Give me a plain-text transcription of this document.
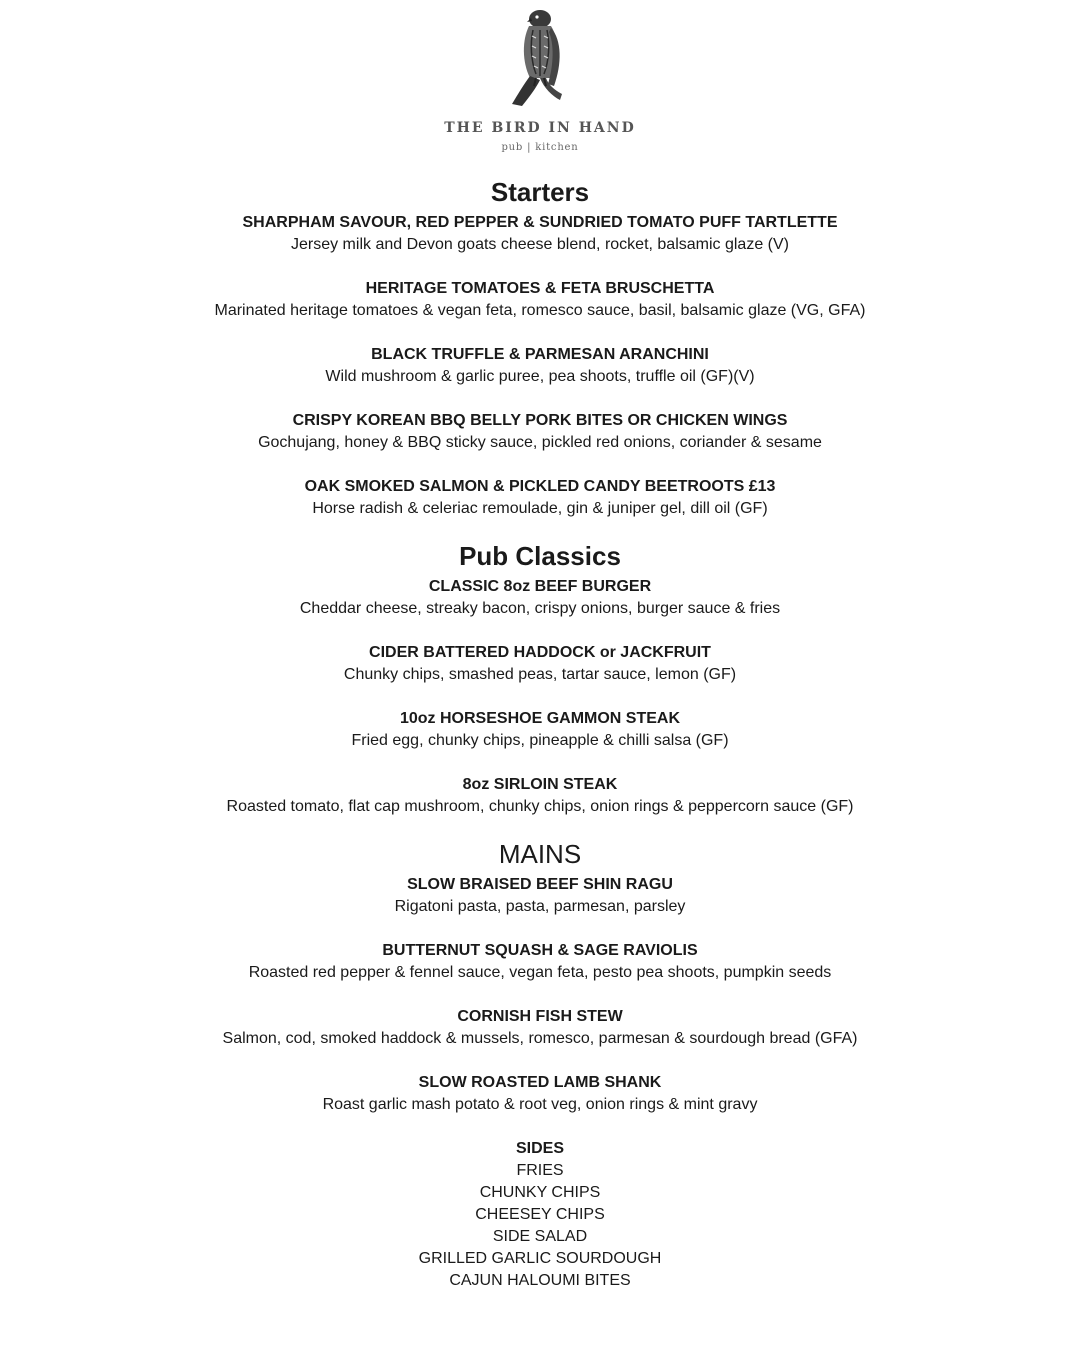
THE BIRD IN HAND
pub | kitchen
Starters
SHARPHAM SAVOUR, RED PEPPER & SUNDRIED TOMATO PUFF TARTLETTE
Jersey milk and Devon goats cheese blend, rocket, balsamic glaze (V)
HERITAGE TOMATOES & FETA BRUSCHETTA
Marinated heritage tomatoes & vegan feta, romesco sauce, basil, balsamic glaze (VG, GFA)
BLACK TRUFFLE & PARMESAN ARANCHINI
Wild mushroom & garlic puree, pea shoots, truffle oil (GF)(V)
CRISPY KOREAN BBQ BELLY PORK BITES OR CHICKEN WINGS
Gochujang, honey & BBQ sticky sauce, pickled red onions, coriander & sesame
OAK SMOKED SALMON & PICKLED CANDY BEETROOTS £13
Horse radish & celeriac remoulade, gin & juniper gel, dill oil (GF)
Pub Classics
CLASSIC 8oz BEEF BURGER
Cheddar cheese, streaky bacon, crispy onions, burger sauce & fries
CIDER BATTERED HADDOCK or JACKFRUIT
Chunky chips, smashed peas, tartar sauce, lemon (GF)
10oz HORSESHOE GAMMON STEAK
Fried egg, chunky chips, pineapple & chilli salsa (GF)
8oz SIRLOIN STEAK
Roasted tomato, flat cap mushroom, chunky chips, onion rings & peppercorn sauce (GF)
MAINS
SLOW BRAISED BEEF SHIN RAGU
Rigatoni pasta, pasta, parmesan, parsley
BUTTERNUT SQUASH & SAGE RAVIOLIS
Roasted red pepper & fennel sauce, vegan feta, pesto pea shoots, pumpkin seeds
CORNISH FISH STEW
Salmon, cod, smoked haddock & mussels, romesco, parmesan & sourdough bread (GFA)
SLOW ROASTED LAMB SHANK
Roast garlic mash potato & root veg, onion rings & mint gravy
SIDES
FRIES
CHUNKY CHIPS
CHEESEY CHIPS
SIDE SALAD
GRILLED GARLIC SOURDOUGH
CAJUN HALOUMI BITES
